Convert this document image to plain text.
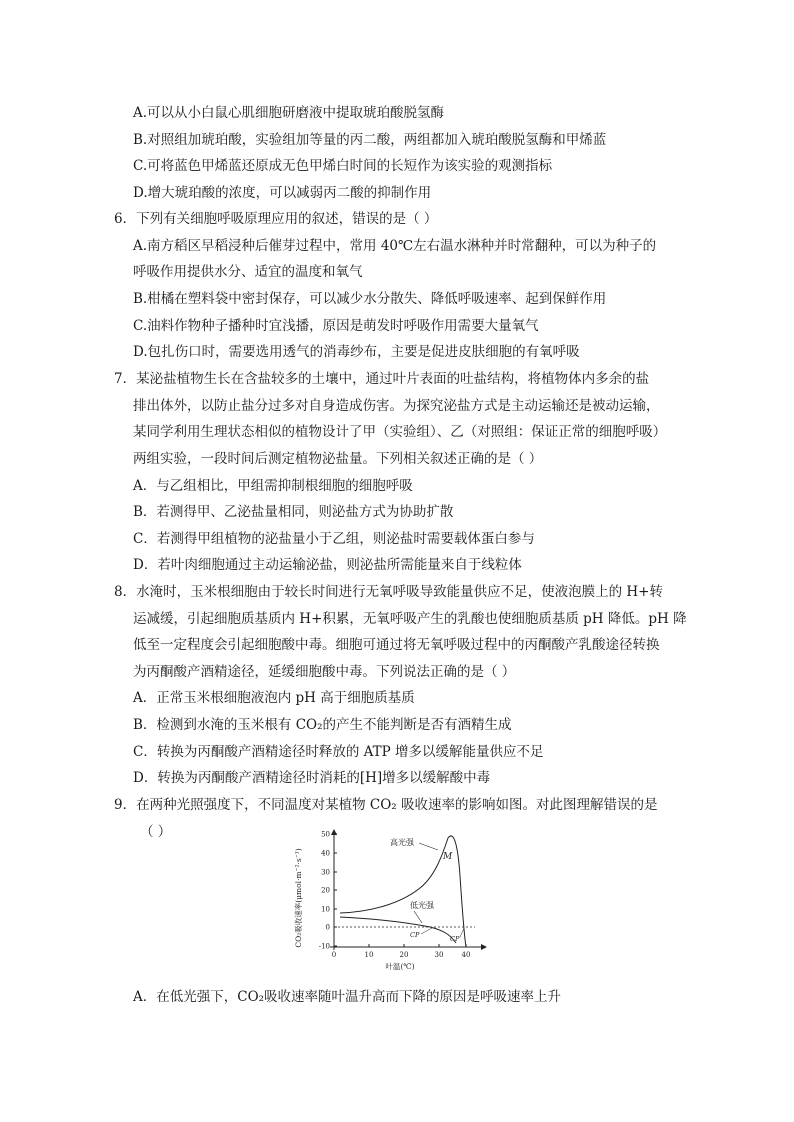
A.可以从小白鼠心肌细胞研磨液中提取琥珀酸脱氢酶
B.对照组加琥珀酸，实验组加等量的丙二酸，两组都加入琥珀酸脱氢酶和甲烯蓝
C.可将蓝色甲烯蓝还原成无色甲烯白时间的长短作为该实验的观测指标
D.增大琥珀酸的浓度，可以减弱丙二酸的抑制作用
6．下列有关细胞呼吸原理应用的叙述，错误的是（ ）
A.南方稻区早稻浸种后催芽过程中，常用 40℃左右温水淋种并时常翻种，可以为种子的
呼吸作用提供水分、适宜的温度和氧气
B.柑橘在塑料袋中密封保存，可以减少水分散失、降低呼吸速率、起到保鲜作用
C.油料作物种子播种时宜浅播，原因是萌发时呼吸作用需要大量氧气
D.包扎伤口时，需要选用透气的消毒纱布，主要是促进皮肤细胞的有氧呼吸
7．某泌盐植物生长在含盐较多的土壤中，通过叶片表面的吐盐结构，将植物体内多余的盐
排出体外，以防止盐分过多对自身造成伤害。为探究泌盐方式是主动运输还是被动运输，
某同学利用生理状态相似的植物设计了甲（实验组）、乙（对照组：保证正常的细胞呼吸）
两组实验，一段时间后测定植物泌盐量。下列相关叙述正确的是（ ）
A．与乙组相比，甲组需抑制根细胞的细胞呼吸
B．若测得甲、乙泌盐量相同，则泌盐方式为协助扩散
C．若测得甲组植物的泌盐量小于乙组，则泌盐时需要载体蛋白参与
D．若叶肉细胞通过主动运输泌盐，则泌盐所需能量来自于线粒体
8．水淹时，玉米根细胞由于较长时间进行无氧呼吸导致能量供应不足，使液泡膜上的 H+转
运减缓，引起细胞质基质内 H+积累，无氧呼吸产生的乳酸也使细胞质基质 pH 降低。pH 降
低至一定程度会引起细胞酸中毒。细胞可通过将无氧呼吸过程中的丙酮酸产乳酸途径转换
为丙酮酸产酒精途径，延缓细胞酸中毒。下列说法正确的是（ ）
A．正常玉米根细胞液泡内 pH 高于细胞质基质
B．检测到水淹的玉米根有 CO₂的产生不能判断是否有酒精生成
C．转换为丙酮酸产酒精途径时释放的 ATP 增多以缓解能量供应不足
D．转换为丙酮酸产酒精途径时消耗的[H]增多以缓解酸中毒
9．在两种光照强度下，不同温度对某植物 CO₂ 吸收速率的影响如图。对此图理解错误的是
（ ）
A．在低光强下，CO₂吸收速率随叶温升高而下降的原因是呼吸速率上升
CO₂吸收速率(μmol·m⁻²·s⁻¹)
50
40
30
20
10
0
-10
0	10	20	30	40
叶温(℃)
高光强
M
低光强
CP	CP
